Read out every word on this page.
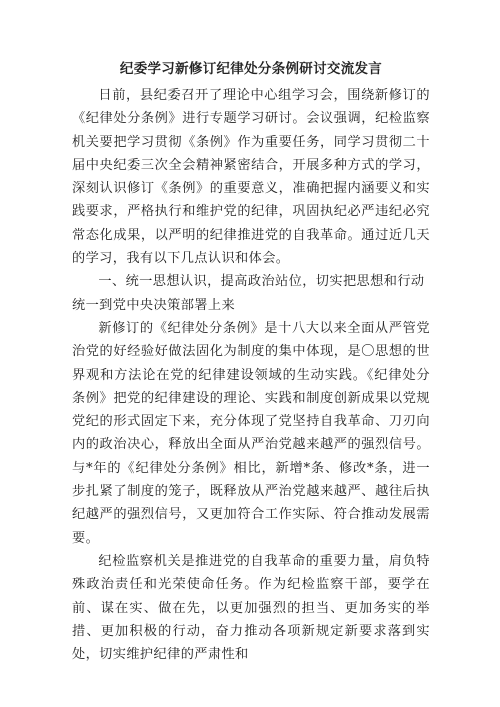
纪委学习新修订纪律处分条例研讨交流发言

日前，县纪委召开了理论中心组学习会，围绕新修订的《纪律处分条例》进行专题学习研讨。会议强调，纪检监察机关要把学习贯彻《条例》作为重要任务，同学习贯彻二十届中央纪委三次全会精神紧密结合，开展多种方式的学习，深刻认识修订《条例》的重要意义，准确把握内涵要义和实践要求，严格执行和维护党的纪律，巩固执纪必严违纪必究常态化成果，以严明的纪律推进党的自我革命。通过近几天的学习，我有以下几点认识和体会。

一、统一思想认识，提高政治站位，切实把思想和行动统一到党中央决策部署上来

新修订的《纪律处分条例》是十八大以来全面从严管党治党的好经验好做法固化为制度的集中体现，是〇思想的世界观和方法论在党的纪律建设领域的生动实践。《纪律处分条例》把党的纪律建设的理论、实践和制度创新成果以党规党纪的形式固定下来，充分体现了党坚持自我革命、刀刃向内的政治决心，释放出全面从严治党越来越严的强烈信号。与*年的《纪律处分条例》相比，新增*条、修改*条，进一步扎紧了制度的笼子，既释放从严治党越来越严、越往后执纪越严的强烈信号，又更加符合工作实际、符合推动发展需要。

纪检监察机关是推进党的自我革命的重要力量，肩负特殊政治责任和光荣使命任务。作为纪检监察干部，要学在前、谋在实、做在先，以更加强烈的担当、更加务实的举措、更加积极的行动，奋力推动各项新规定新要求落到实处，切实维护纪律的严肃性和
